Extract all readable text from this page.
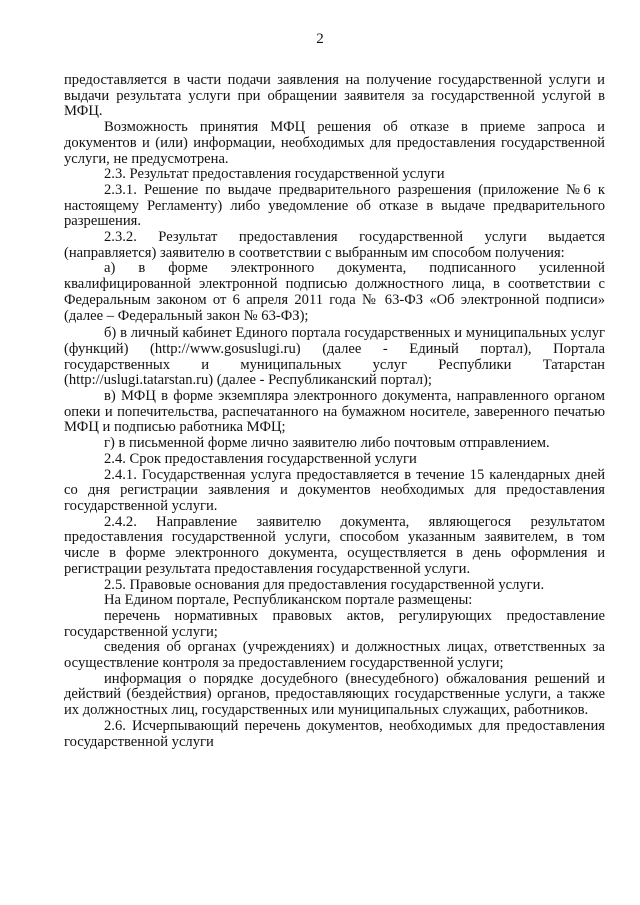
2

предоставляется в части подачи заявления на получение государственной услуги и выдачи результата услуги при обращении заявителя за государственной услугой в МФЦ.

Возможность принятия МФЦ решения об отказе в приеме запроса и документов и (или) информации, необходимых для предоставления государственной услуги, не предусмотрена.

2.3. Результат предоставления государственной услуги

2.3.1. Решение по выдаче предварительного разрешения (приложение №6 к настоящему Регламенту) либо уведомление об отказе в выдаче предварительного разрешения.

2.3.2. Результат предоставления государственной услуги выдается (направляется) заявителю в соответствии с выбранным им способом получения:

а) в форме электронного документа, подписанного усиленной квалифицированной электронной подписью должностного лица, в соответствии с Федеральным законом от 6 апреля 2011 года № 63-ФЗ «Об электронной подписи» (далее – Федеральный закон № 63-ФЗ);

б) в личный кабинет Единого портала государственных и муниципальных услуг (функций) (http://www.gosuslugi.ru) (далее - Единый портал), Портала государственных и муниципальных услуг Республики Татарстан (http://uslugi.tatarstan.ru) (далее - Республиканский портал);

в) МФЦ в форме экземпляра электронного документа, направленного органом опеки и попечительства, распечатанного на бумажном носителе, заверенного печатью МФЦ и подписью работника МФЦ;

г) в письменной форме лично заявителю либо почтовым отправлением.

2.4. Срок предоставления государственной услуги

2.4.1. Государственная услуга предоставляется в течение 15 календарных дней со дня регистрации заявления и документов необходимых для предоставления государственной услуги.

2.4.2. Направление заявителю документа, являющегося результатом предоставления государственной услуги, способом указанным заявителем, в том числе в форме электронного документа, осуществляется в день оформления и регистрации результата предоставления государственной услуги.

2.5. Правовые основания для предоставления государственной услуги.

На Едином портале, Республиканском портале размещены:

перечень нормативных правовых актов, регулирующих предоставление государственной услуги;

сведения об органах (учреждениях) и должностных лицах, ответственных за осуществление контроля за предоставлением государственной услуги;

информация о порядке досудебного (внесудебного) обжалования решений и действий (бездействия) органов, предоставляющих государственные услуги, а также их должностных лиц, государственных или муниципальных служащих, работников.

2.6. Исчерпывающий перечень документов, необходимых для предоставления государственной услуги
